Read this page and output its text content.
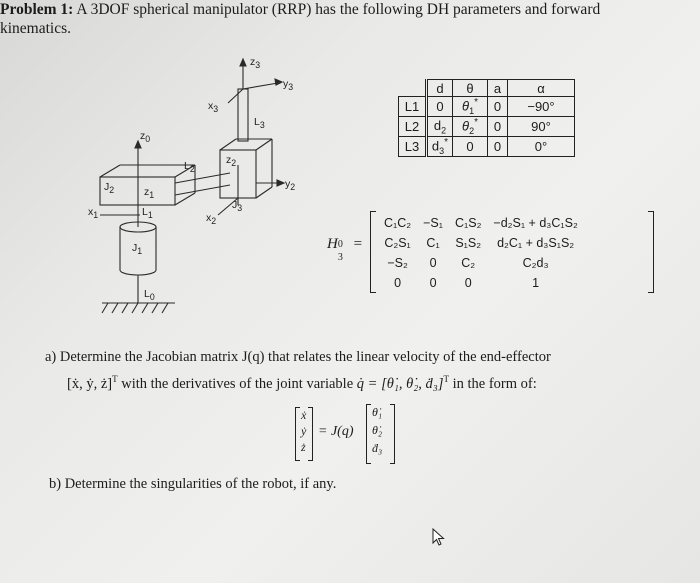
Problem 1: A 3DOF spherical manipulator (RRP) has the following DH parameters and forward kinematics.
$z_3$
$y_3$
$x_3$
$L_3$
$z_0$
$L_2$
$z_2$
$y_2$
$J_2$
$J_3$
$z_1$
$x_1$	$L_1$	$x_2$
$J_1$
$L_0$
	d	θ	a	α
L1	0	$\theta_1^*$	0	−90°
L2	$d_2$	$\theta_2^*$	0	90°
L3	$d_3^*$	0	0	0°
H 0
3
=
C₁C₂	−S₁	C₁S₂	−d₂S₁ + d₃C₁S₂
C₂S₁	C₁	S₁S₂	d₂C₁ + d₃S₁S₂
−S₂	0	C₂	C₂d₃
0	0	0	1
a) Determine the Jacobian matrix J(q) that relates the linear velocity of the end-effector
[ẋ, ẏ, ż]$^T$ with the derivatives of the joint variable q̇ = [θ̇₁, θ̇₂, ḋ₃]$^T$ in the form of:
ẋ
ẏ
ż
= J(q)
θ̇₁
θ̇₂
ḋ₃
b) Determine the singularities of the robot, if any.
